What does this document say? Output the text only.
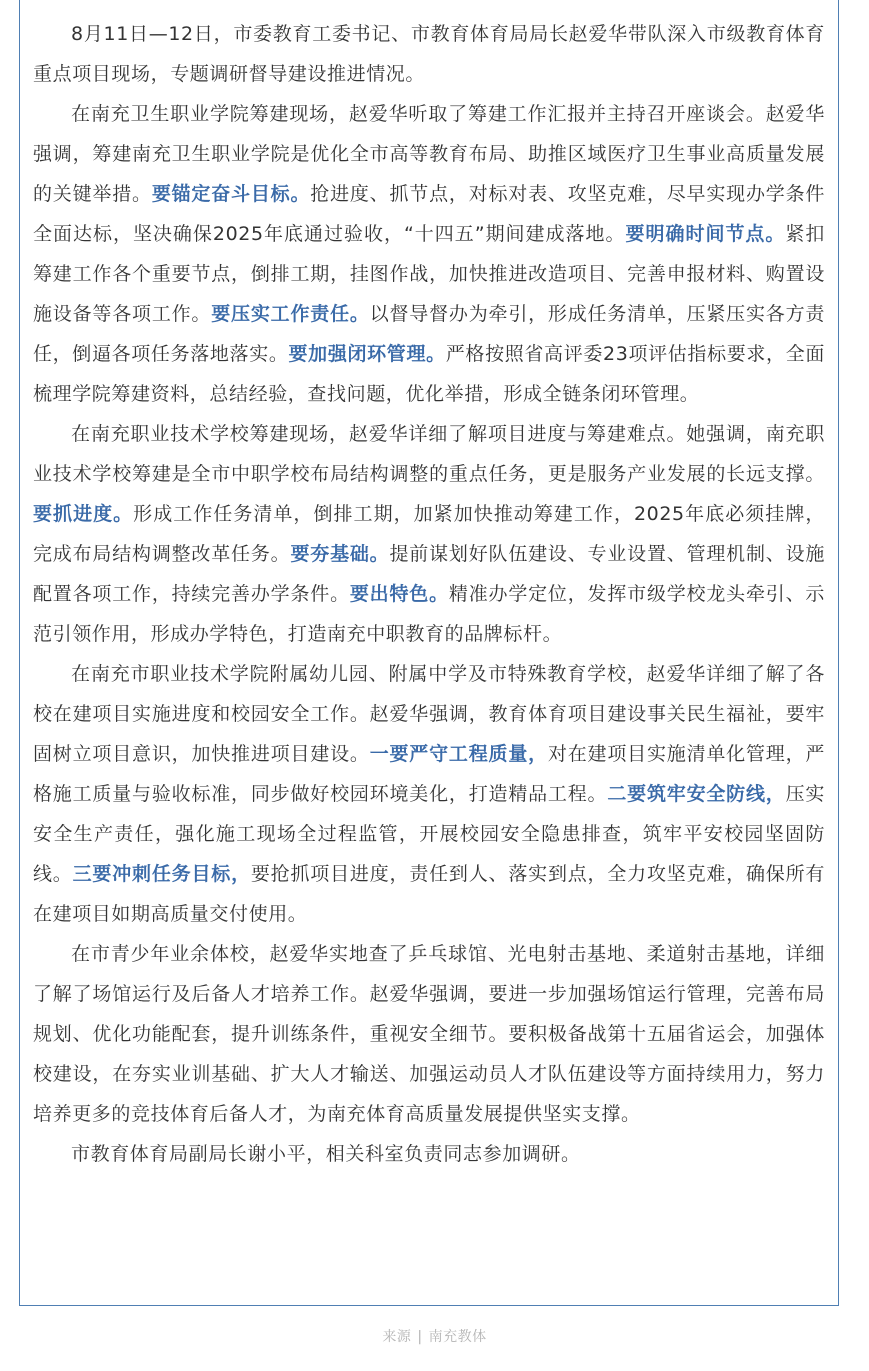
8月11日—12日，市委教育工委书记、市教育体育局局长赵爱华带队深入市级教育体育重点项目现场，专题调研督导建设推进情况。

在南充卫生职业学院筹建现场，赵爱华听取了筹建工作汇报并主持召开座谈会。赵爱华强调，筹建南充卫生职业学院是优化全市高等教育布局、助推区域医疗卫生事业高质量发展的关键举措。要锚定奋斗目标。抢进度、抓节点，对标对表、攻坚克难，尽早实现办学条件全面达标，坚决确保2025年底通过验收，“十四五”期间建成落地。要明确时间节点。紧扣筹建工作各个重要节点，倒排工期，挂图作战，加快推进改造项目、完善申报材料、购置设施设备等各项工作。要压实工作责任。以督导督办为牵引，形成任务清单，压紧压实各方责任，倒逼各项任务落地落实。要加强闭环管理。严格按照省高评委23项评估指标要求，全面梳理学院筹建资料，总结经验，查找问题，优化举措，形成全链条闭环管理。

在南充职业技术学校筹建现场，赵爱华详细了解项目进度与筹建难点。她强调，南充职业技术学校筹建是全市中职学校布局结构调整的重点任务，更是服务产业发展的长远支撑。要抓进度。形成工作任务清单，倒排工期，加紧加快推动筹建工作，2025年底必须挂牌，完成布局结构调整改革任务。要夯基础。提前谋划好队伍建设、专业设置、管理机制、设施配置各项工作，持续完善办学条件。要出特色。精准办学定位，发挥市级学校龙头牵引、示范引领作用，形成办学特色，打造南充中职教育的品牌标杆。

在南充市职业技术学院附属幼儿园、附属中学及市特殊教育学校，赵爱华详细了解了各校在建项目实施进度和校园安全工作。赵爱华强调，教育体育项目建设事关民生福祉，要牢固树立项目意识，加快推进项目建设。一要严守工程质量，对在建项目实施清单化管理，严格施工质量与验收标准，同步做好校园环境美化，打造精品工程。二要筑牢安全防线，压实安全生产责任，强化施工现场全过程监管，开展校园安全隐患排查，筑牢平安校园坚固防线。三要冲刺任务目标，要抢抓项目进度，责任到人、落实到点，全力攻坚克难，确保所有在建项目如期高质量交付使用。

在市青少年业余体校，赵爱华实地查了乒乓球馆、光电射击基地、柔道射击基地，详细了解了场馆运行及后备人才培养工作。赵爱华强调，要进一步加强场馆运行管理，完善布局规划、优化功能配套，提升训练条件，重视安全细节。要积极备战第十五届省运会，加强体校建设，在夯实业训基础、扩大人才输送、加强运动员人才队伍建设等方面持续用力，努力培养更多的竞技体育后备人才，为南充体育高质量发展提供坚实支撑。

市教育体育局副局长谢小平，相关科室负责同志参加调研。

来源 | 南充教体
